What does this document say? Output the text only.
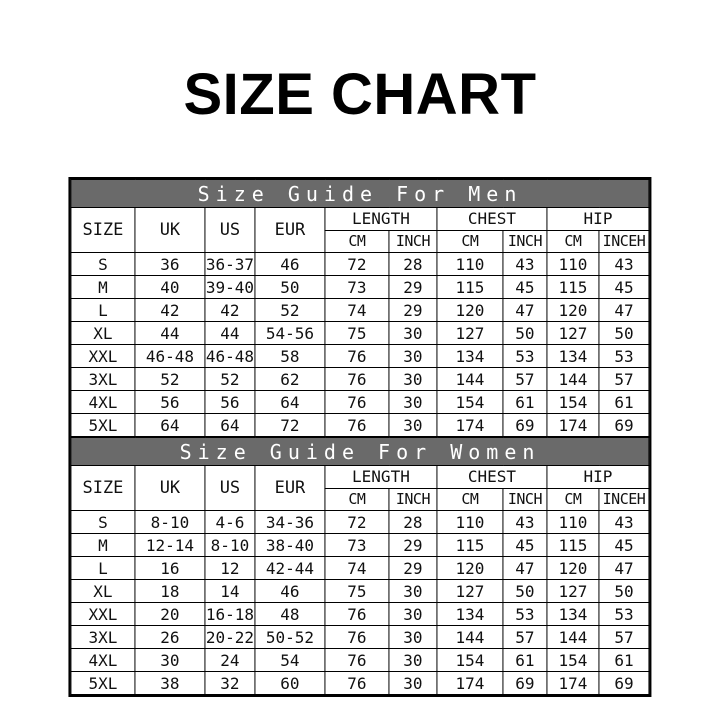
SIZE CHART
Size Guide For Men									
SIZE	UK	US	EUR	LENGTH		CHEST		HIP	
				CM	INCH	CM	INCH	CM	INCEH
S	36	36-37	46	72	28	110	43	110	43
M	40	39-40	50	73	29	115	45	115	45
L	42	42	52	74	29	120	47	120	47
XL	44	44	54-56	75	30	127	50	127	50
XXL	46-48	46-48	58	76	30	134	53	134	53
3XL	52	52	62	76	30	144	57	144	57
4XL	56	56	64	76	30	154	61	154	61
5XL	64	64	72	76	30	174	69	174	69
Size Guide For Women									
SIZE	UK	US	EUR	LENGTH		CHEST		HIP	
				CM	INCH	CM	INCH	CM	INCEH
S	8-10	4-6	34-36	72	28	110	43	110	43
M	12-14	8-10	38-40	73	29	115	45	115	45
L	16	12	42-44	74	29	120	47	120	47
XL	18	14	46	75	30	127	50	127	50
XXL	20	16-18	48	76	30	134	53	134	53
3XL	26	20-22	50-52	76	30	144	57	144	57
4XL	30	24	54	76	30	154	61	154	61
5XL	38	32	60	76	30	174	69	174	69
